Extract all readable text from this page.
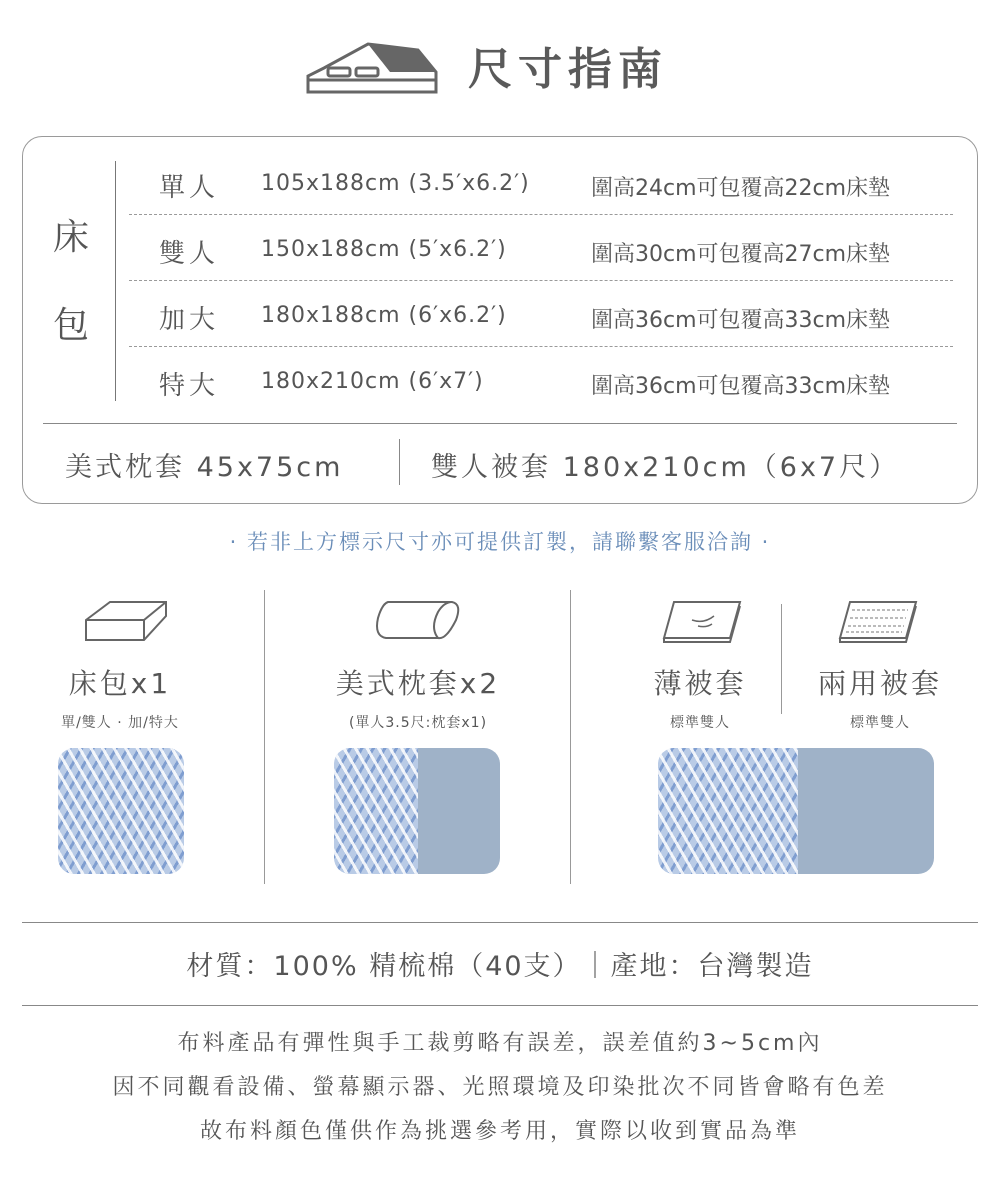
尺寸指南
床
包
單人 105x188cm (3.5′x6.2′)	圍高24cm可包覆高22cm床墊
雙人 150x188cm (5′x6.2′)	圍高30cm可包覆高27cm床墊
加大 180x188cm (6′x6.2′)	圍高36cm可包覆高33cm床墊
特大 180x210cm (6′x7′)	圍高36cm可包覆高33cm床墊
美式枕套 45x75cm	雙人被套 180x210cm（6x7尺）
· 若非上方標示尺寸亦可提供訂製，請聯繫客服洽詢 ·
床包x1
單/雙人 · 加/特大
美式枕套x2
(單人3.5尺:枕套x1)
薄被套
標準雙人
兩用被套
標準雙人
材質：100% 精梳棉（40支）｜產地：台灣製造
布料產品有彈性與手工裁剪略有誤差，誤差值約3~5cm內
因不同觀看設備、螢幕顯示器、光照環境及印染批次不同皆會略有色差
故布料顏色僅供作為挑選參考用，實際以收到實品為準
